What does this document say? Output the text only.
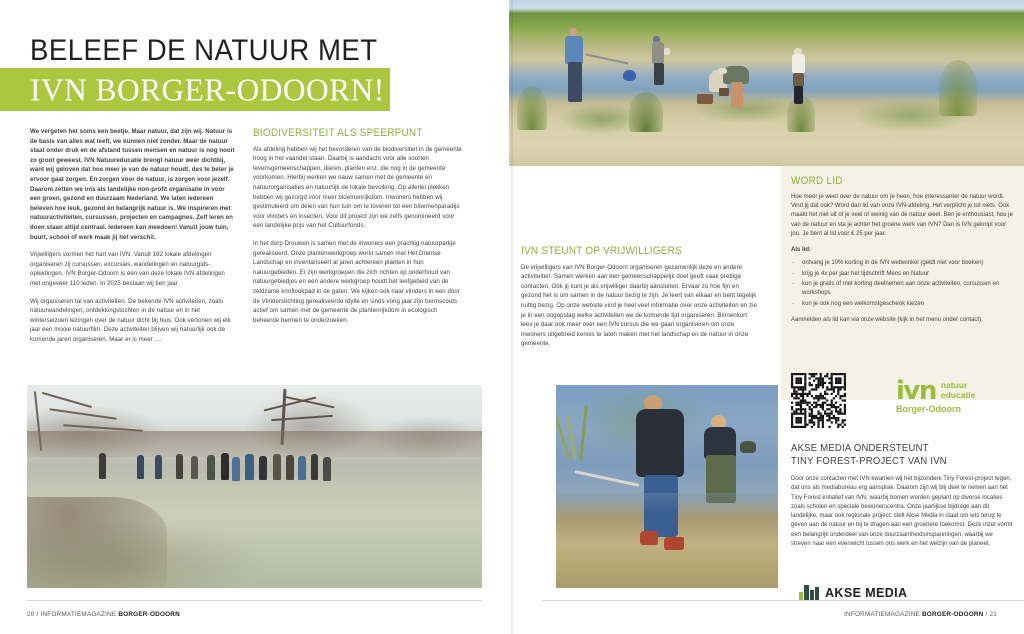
BELEEF DE NATUUR MET
IVN BORGER-ODOORN!

We vergeten het soms een beetje. Maar natuur, dat zijn wij. Natuur is de basis van alles wat leeft, we kunnen niet zonder. Maar de natuur staat onder druk en de afstand tussen mensen en natuur is nog nooit zo groot geweest. IVN Natuureducatie brengt natuur weer dichtbij, want wij geloven dat hoe meer je van de natuur houdt, des te beter je ervoor gaat zorgen. En zorgen voor de natuur, is zorgen voor jezelf. Daarom zetten we ons als landelijke non-profit organisatie in voor een groen, gezond en duurzaam Nederland. We laten iedereen beleven hoe leuk, gezond én belangrijk natuur is. We inspireren met natuuractiviteiten, cursussen, projecten en campagnes. Zelf leren en doen staan altijd centraal. Iedereen kan meedoen! Vanuit jouw tuin, buurt, school of werk maak jij het verschil.

Vrijwilligers vormen het hart van IVN. Vanuit 162 lokale afdelingen organiseren zij cursussen, excursies, wandelingen en natuurgids-opleidingen. IVN Borger-Odoorn is één van deze lokale IVN afdelingen met ongeveer 110 leden. In 2025 bestaan wij tien jaar.

Wij organiseren tal van activiteiten. De bekende IVN activiteiten, zoals natuurwandelingen, ontdekkingstochten in de natuur en in het winterseizoen lezingen over de natuur dicht bij huis. Ook vertonen wij elk jaar een mooie natuurfilm. Deze activiteiten blijven wij natuurlijk ook de komende jaren organiseren. Maar er is meer ....

BIODIVERSITEIT ALS SPEERPUNT

Als afdeling hebben wij het bevorderen van de biodiversiteit in de gemeente hoog in het vaandel staan. Daarbij is aandacht voor alle soorten levensgemeenschappen, dieren, planten enz. die nog in de gemeente voorkomen. Hierbij werken we nauw samen met de gemeente en natuurorganisaties en natuurlijk de lokale bevolking. Op allerlei plekken hebben wij gezorgd voor meer bloemenrijkdom. Inwoners hebben wij gestimuleerd om delen van hun tuin om te toveren tot een bloemenparadijs voor vlinders en insecten. Voor dit project zijn we zelfs genomineerd voor een landelijke prijs van het Cultuurfonds.

In het dorp Drouwen is samen met de inwoners een prachtig natuurparkje gerealiseerd. Onze plantenwerkgroep werkt samen met Het Drentse Landschap en inventariseert al jaren achtereen planten in hun natuurgebieden. Er zijn werkgroepen die zich richten op onderhoud van natuurgebiedjes en een andere werkgroep houdt het leefgebied van de zeldzame knoflookpad in de gaten. We kijken ook naar vlinders in een door de Vlinderstichting gerealiseerde Idylle en sinds vorig jaar zijn bermscouts actief om samen met de gemeente de plantenrijkdom in ecologisch beheerde bermen te onderzoeken.

IVN STEUNT OP VRIJWILLIGERS

De vrijwilligers van IVN Borger-Odoorn organiseren gezamenlijk deze en andere activiteiten. Samen werken aan een gemeenschappelijk doel geeft vaak prettige contacten. Ook jij kunt je als vrijwilliger daarbij aansluiten. Ervaar zo hoe fijn en gezond het is om samen in de natuur bezig te zijn. Je leert van elkaar en bent tegelijk nuttig bezig. Op onze website vind je heel veel informatie over onze activiteiten en zie je in een oogopslag welke activiteiten we de komende tijd organiseren. Binnenkort lees je daar ook meer over een IVN cursus die we gaan organiseren om onze inwoners uitgebreid kennis te laten maken met het landschap en de natuur in onze gemeente.

WORD LID

Hoe meer je weet over de natuur om je heen, hoe interessanter de natuur wordt. Vind jij dat ook? Word dan lid van onze IVN-afdeling. Het verplicht je tot niets. Ook maakt het niet uit of je veel of weinig van de natuur weet. Ben je enthousiast, hou je van de natuur en sta je achter het groene werk van IVN? Dan is IVN geknipt voor jou. Je bent al lid voor € 25 per jaar.

Als lid:

- ontvang je 10% korting in de IVN webwinkel (geldt niet voor boeken)
- krijg je 4x per jaar het tijdschrift Mens en Natuur
- kun je gratis of met korting deelnemen aan onze activiteiten, cursussen en workshops
- kun je ook nog een welkomstgeschenk kiezen

Aanmelden als lid kan via onze website (kijk in het menu onder contact).

ivn natuur
educatie
Borger-Odoorn
AKSE MEDIA ONDERSTEUNT
TINY FOREST-PROJECT VAN IVN

Door onze contacten met IVN kwamen wij het bijzondere Tiny Forest-project tegen, dat ons als mediabureau erg aansprak. Daarom zijn wij blij deel te nemen aan het Tiny Forest-initiatief van IVN, waarbij bomen worden geplant op diverse locaties zoals scholen en speciale bewonerscentra. Onze jaarlijkse bijdrage aan dit landelijke, maar ook regionale project, stelt Akse Media in staat om iets terug te geven aan de natuur en bij te dragen aan een groenere toekomst. Deze inzet vormt een belangrijk onderdeel van onze duurzaamheidsinspanningen, waarbij we streven naar een evenwicht tussen ons werk en het welzijn van de planeet.

AKSE MEDIA
20 / INFORMATIEMAGAZINE BORGER-ODOORN	INFORMATIEMAGAZINE BORGER-ODOORN / 21
